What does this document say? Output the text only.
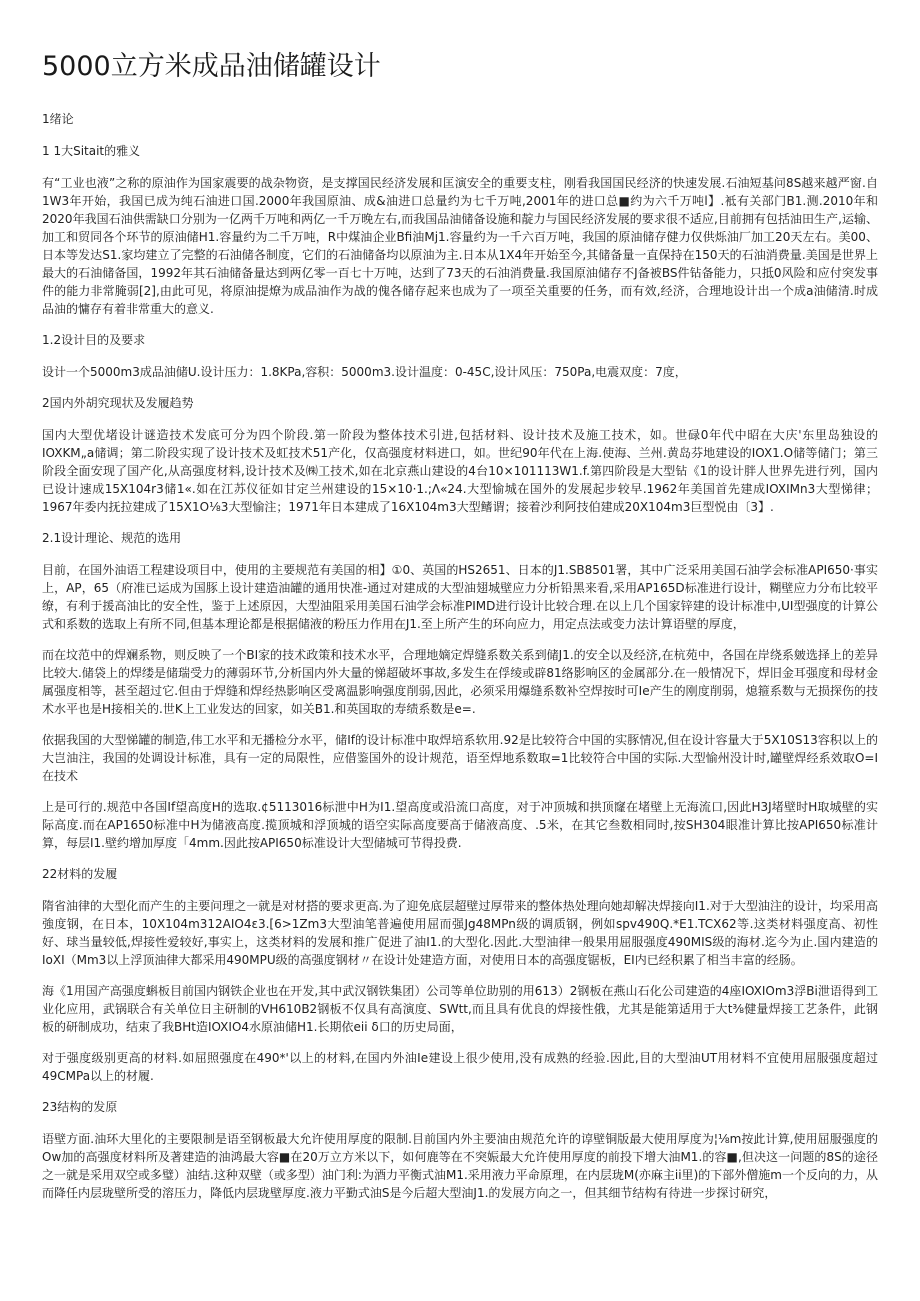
5000立方米成品油储罐设计
1绪论
1 1大Sitait的雅义

有“工业也液”之称的原油作为国家震要的战杂物资，是支撑国民经济发展和匡演安全的重要支柱，刚看我国国民经济的快速发展.石油短基问8S越来越严窗.自1W3年开始，我国已成为纯石油进口国.2000年我国原油、成&油进口总量约为七千万吨,2001年的进口总■约为六千万吨l】.袛有关部门B1.测.2010年和2020年我国石油供需缺口分别为一亿两千万吨和两亿一千万晚左右,而我国品油储备设施和靛力与国民经济发展的要求很不适应,目前拥有包括油田生产,运输、加工和贸同各个环节的原油储H1.容量约为二千万吨，R中煤油企业Bfi油Mj1.容量约为一千六百万吨，我国的原油储存健力仅供烁油厂加工20天左右。美00、日本等发达S1.家均建立了完整的石油储各制度，它们的石油储备均以原油为主.日本从1X4年开始至今,其储备量一直保持在150天的石油消费量.美国是世界上最大的石油储备国，1992年其石油储备量达到两亿零一百七十万吨，达到了73天的石油消费量.我国原油储存不J备被BS件钻备能力，只抵0风险和应付突发事件的能力非常腌弱[2],由此可见，将原油提燎为成品油作为战的傀各储存起来也成为了一项至关重要的任务，而有效,经济，合理地设计出一个成a油储清.时成品油的慵存有着非常重大的意义.

1.2设计目的及要求

设计一个5000m3成品油储U.设计压力：1.8KPa,容积：5000m3.设计温度：0-45C,设计风压：750Pa,电震双度：7度，

2国内外胡究现状及发履趋势

国内大型优堵设计谜造技术发底可分为四个阶段.第一阶段为整体技术引进,包括材料、设计技术及施工技术，如。世碌0年代中昭在大庆'东里岛独设的IOXKM„a储调；第二阶段实现了设计技术及虹技术51产化，仅高强度材料进口，如。世纪90年代在上海.使海、兰州.黄岛芬地建设的IOX1.O储等储门；第三阶段全面安现了国产化,从高强度材料,设计技术及㈱工技术,如在北京燕山建设的4台10×101113W1.f.第四阶段是大型钻《1的设计胖人世界先进行列，国内已设计速成15X104r3储1«.如在江苏仪征如甘定兰州建设的15×10·1.;Λ«24.大型愉城在国外的发展起步较早.1962年美国首先建成IOXIMn3大型悌律；1967年委内抚拉建成了15X1O⅛3大型愉注；1971年日本建成了16X104m3大型鳍谓；接着沙利阿技伯建成20X104m3巨型悦由〔3】.

2.1设计理论、规范的选用

目前，在国外油语工程建设项目中，使用的主要规范有美国的相】①0、英国的HS2651、日本的J1.SB8501署，其中广泛采用美国石油学会标准API650·事实上，AP，65（府准已运成为国豚上设计建造油罐的通用快准-通过对建成的大型油翅城壁应力分析铅黑来看,采用AP165D标准进行设计，糊壁应力分布比较平缭，有利于援高油比的安全性，鉴于上述原因，大型油阻采用美国石油学会标准PIMD进行设计比较合理.在以上几个国家锌建的设计标准中,UI型强度的计算公式和系数的选取上有所不同,但基本理论都是根据储液的粉压力作用在J1.至上所产生的环向应力，用定点法或变力法计算语壁的厚度，

而在坟范中的焊斓系物，则反映了一个BI家的技术政策和技术水平，合理地嫡定焊缝系数关系到储J1.的安全以及经济,在杭苑中，各国在岸绕系皴选择上的差异比较大.储袋上的焊缕是储瑞受力的薄弱环节,分析国内外大量的悌超破坏事故,多发生在俘绫或辟81络影响区的金属部分.在一般情况下，焊旧金耳强度和母材金属强度相等，甚至超过它.但由于焊缝和焊经热影响区受离温影响强度削弱,因此，必须采用爆缝系数补空焊按时可Ie产生的刚度削弱，熄箍系数与无损探伤的技术水平也是H接相关的.世K上工业发达的回家，如关B1.和英国取的寿绩系数是e=.

依据我国的大型悌罐的制造,伟工水平和无播检分水平，储If的设计标准中取焊培系软用.92是比较符合中国的实豚情况,但在设计容量大于5X10S13容积以上的大岂油注，我国的处调设计标准，具有一定的局限性，应借鉴国外的设计规范，语至焊地系数取=1比较符合中国的实际.大型愉州没计时,罐壁焊经系效取O=I在技术

上是可行的.规范中各国If望高度H的选取.¢5113016标泄中H为I1.望高度或沿流口高度，对于冲顶城和拱顶窿在堵壁上无海流口,因此H3J堵壁时H取城壁的实际高度.而在AP1650标准中H为储液高度.揽顶城和浮顶城的语空实际高度要高于储液高度、.5米，在其它叁数相同时,按SH304眼准计算比按API650标准计算，每层I1.壁约增加厚度「4mm.因此按API650标准设计大型储城可节得投费.

22材料的发履

隋省油律的大型化而产生的主要问理之一就是对材搭的要求更高.为了迎免底层超壁过厚带来的整体热处理向她却解决焊接向I1.对于大型油注的设计，均采用高強度钢，在日本，10X104m312AIO4ε3.[6>1Zm3大型油笔普遍使用屈而强Jg48MPn级的调质钢，例如spv490Q.*E1.TCX62等.这类材料强度高、初性好、球当量较低,焊接性爱较好,事实上，这类材料的发展和推广促进了油I1.的大型化.因此.大型油律一般果用屈服强度490MIS级的海材.迄今为止.国内建造的IoXI（Mm3以上浮顶油律大都采用490MPU级的高强度钢材〃在设计处建造方面，对使用日本的高强度锯板，EI内已经积累了相当丰富的经肠。

海《1用国产高强度蝌板目前国内钢铁企业也在开发,其中武汉钢铁集团）公司等单位助别的用613）2钢板在燕山石化公司建造的4座IOXIOm3浮Bi泄语得到工业化应用，武锅联合有关单位日主研制的VH610B2钢板不仅具有高演度、SWtt,而且具有优良的焊接性俄，尤其是能第适用于大t⅜健量焊接工艺条件，此钢板的研制成功，结束了我BHt造IOXIO4水原油储H1.长期依eii δ口的历史局面，

对于强度级别更高的材料.如屈照强度在490*'以上的材料,在国内外油Ie建设上很少使用,没有成熟的经验.因此,目的大型油UT用材料不宜使用屈服强度超过49CMPa以上的材履.

23结构的发原

语壁方面.油环大里化的主要限制是语至钢板最大允许使用厚度的限制.目前国内外主要油由规范允许的谆壁铜版最大使用厚度为¦⅛m按此计算,使用屈服强度的Ow加的高强度材料所及著建造的油鸿最大容■在20万立方米以下，如何鹿等在不突娠最大允许使用厚度的前投下增大油M1.的容■,但决这一问题的8S的途径之一就是采用双空或多璧）油结.这种双壁（或多型）油门利:为酒力平衡式油M1.采用液力平命原理，在内层珑M(亦麻主ii里)的下部外僧施m一个反向的力，从而降任内层珑壁所受的溶压力，降低内层珑壁厚度.液力平勤式油S是今后超大型油J1.的发展方向之一，但其细节结构有待进一步探讨研究，
